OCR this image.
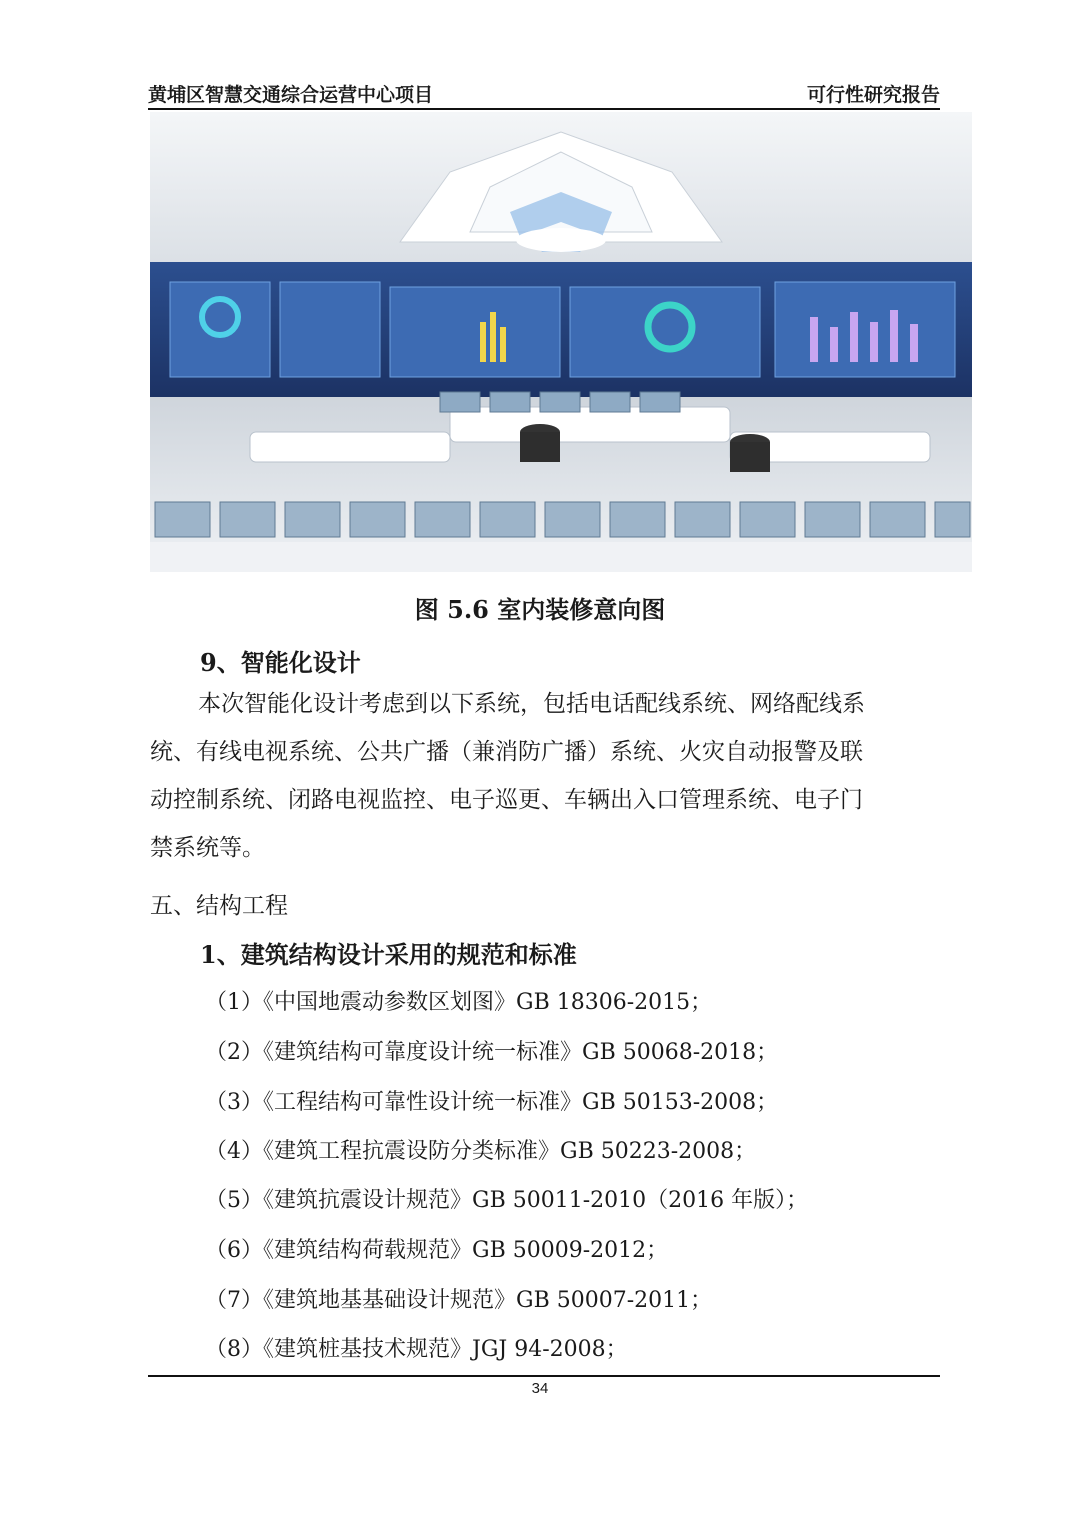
黄埔区智慧交通综合运营中心项目	可行性研究报告
图 5.6 室内装修意向图
9、智能化设计

本次智能化设计考虑到以下系统，包括电话配线系统、网络配线系

统、有线电视系统、公共广播（兼消防广播）系统、火灾自动报警及联

动控制系统、闭路电视监控、电子巡更、车辆出入口管理系统、电子门

禁系统等。

五、结构工程
1、建筑结构设计采用的规范和标准
（1）《中国地震动参数区划图》GB 18306-2015；
（2）《建筑结构可靠度设计统一标准》GB 50068-2018；
（3）《工程结构可靠性设计统一标准》GB 50153-2008；
（4）《建筑工程抗震设防分类标准》GB 50223-2008；
（5）《建筑抗震设计规范》GB 50011-2010（2016 年版）；
（6）《建筑结构荷载规范》GB 50009-2012；
（7）《建筑地基基础设计规范》GB 50007-2011；
（8）《建筑桩基技术规范》JGJ 94-2008；
34
